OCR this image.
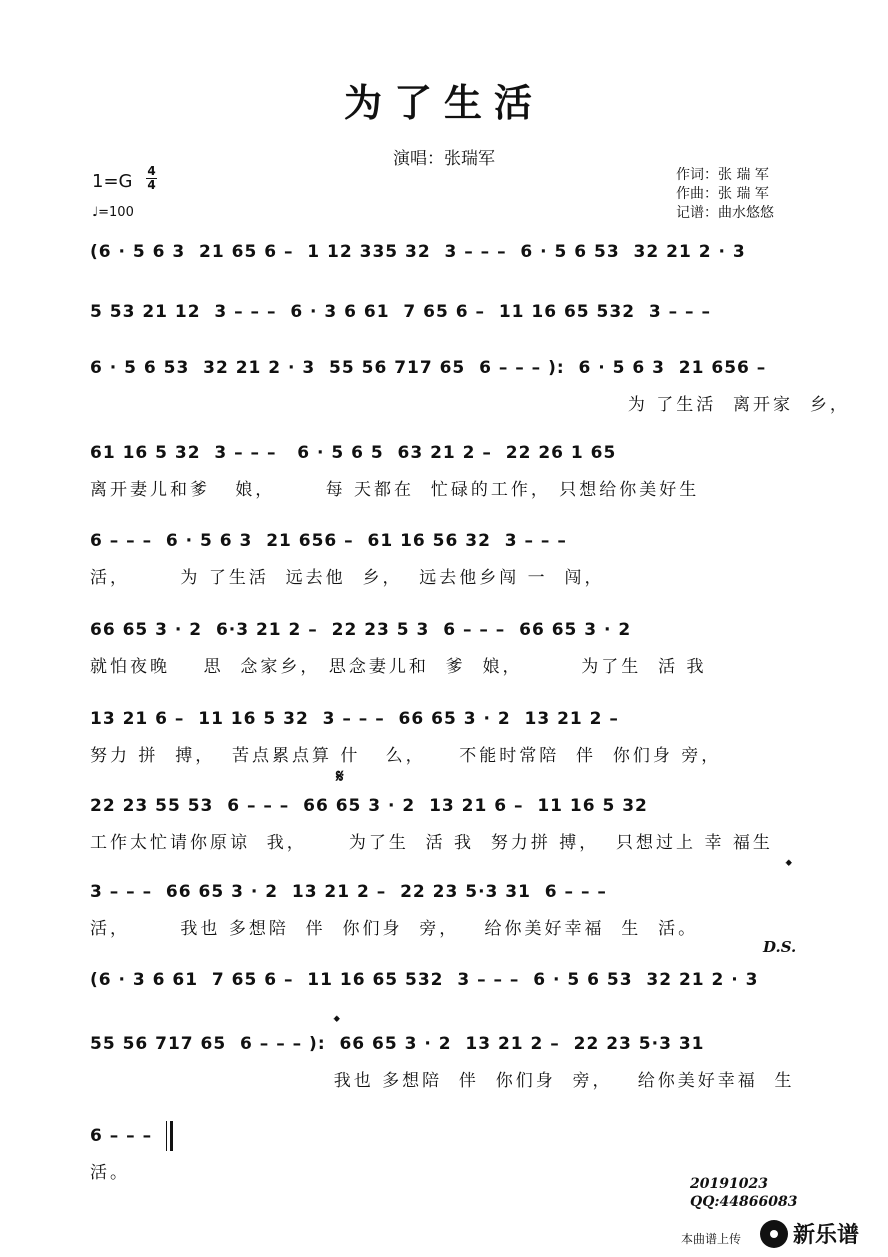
为了生活
演唱：张瑞军
1=G 4
4
♩=100
作词：张 瑞 军
作曲：张 瑞 军
记谱：曲水悠悠
(6 · 5 6 3  21 65 6 –  1 12 335 32  3 – – –  6 · 5 6 53  32 21 2 · 3
5 53 21 12  3 – – –  6 · 3 6 61  7 65 6 –  11 16 65 532  3 – – –
6 · 5 6 53  32 21 2 · 3  55 56 717 65  6 – – – ):  6 · 5 6 3  21 656 –
为 了生活  离开家  乡，
61 16 5 32  3 – – –   6 · 5 6 5  63 21 2 –  22 26 1 65
离开妻儿和爹   娘，      每 天都在  忙碌的工作， 只想给你美好生
6 – – –  6 · 5 6 3  21 656 –  61 16 56 32  3 – – –
活，      为 了生活  远去他  乡，  远去他乡闯 一  闯，
66 65 3 · 2  6·3 21 2 –  22 23 5 3  6 – – –  66 65 3 · 2
就怕夜晚    思  念家乡， 思念妻儿和  爹  娘，       为了生  活 我
13 21 6 –  11 16 5 32  3 – – –  66 65 3 · 2  13 21 2 –
努力 拼  搏，  苦点累点算 什   么，    不能时常陪  伴  你们身 旁，
𝄋
22 23 55 53  6 – – –  66 65 3 · 2  13 21 6 –  11 16 5 32
工作太忙请你原谅  我，     为了生  活 我  努力拼 搏，  只想过上 幸 福生
𝄌
3 – – –  66 65 3 · 2  13 21 2 –  22 23 5·3 31  6 – – –
活，      我也 多想陪  伴  你们身  旁，   给你美好幸福  生  活。
D.S.
(6 · 3 6 61  7 65 6 –  11 16 65 532  3 – – –  6 · 5 6 53  32 21 2 · 3
𝄌
55 56 717 65  6 – – – ):  66 65 3 · 2  13 21 2 –  22 23 5·3 31
我也 多想陪  伴  你们身  旁，   给你美好幸福  生
6 – – –
活。
20191023
QQ:44866083
本曲谱上传 新乐谱
